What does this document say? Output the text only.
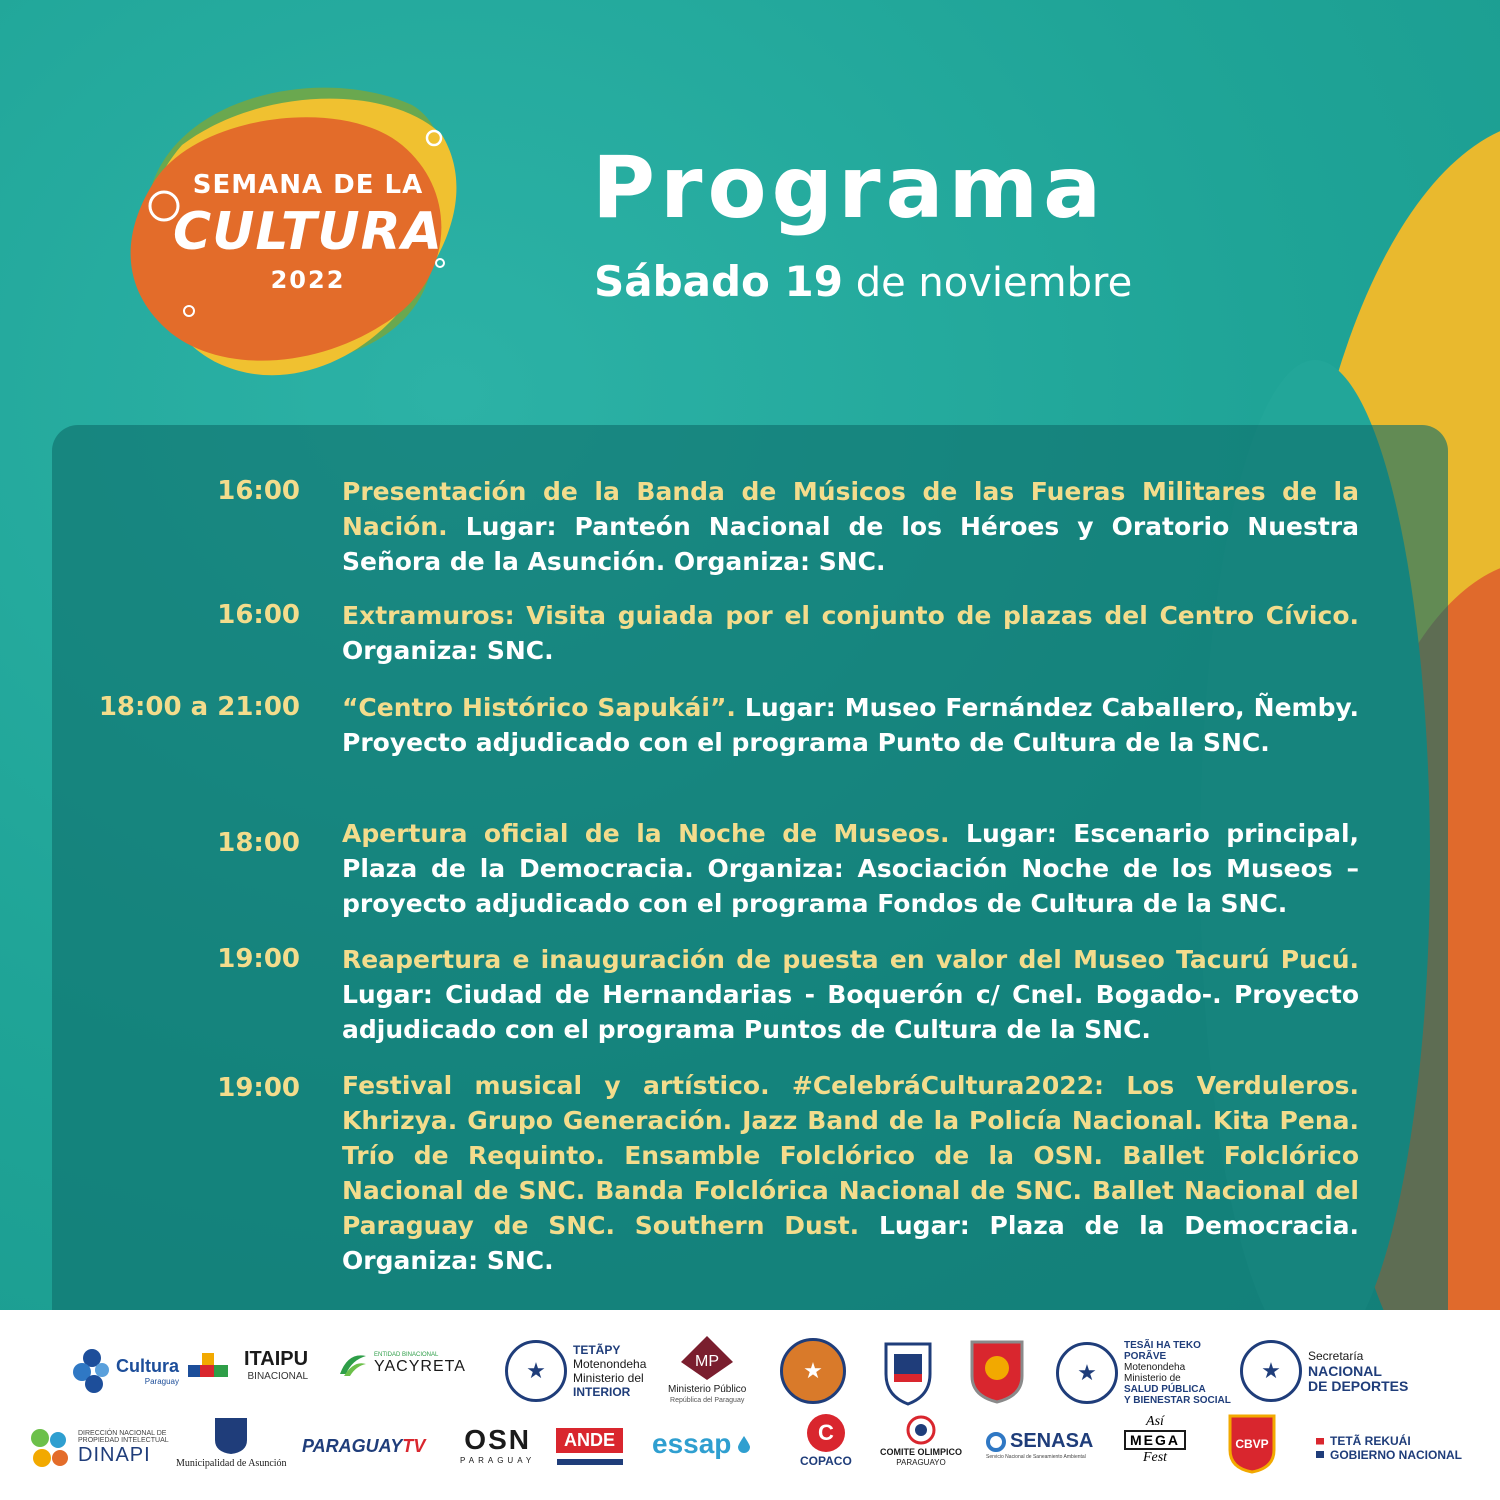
SEMANA DE LA
CULTURA
2022
Programa
Sábado 19 de noviembre
16:00 Presentación de la Banda de Músicos de las Fueras Militares de la Nación. Lugar: Panteón Nacional de los Héroes y Oratorio Nuestra Señora de la Asunción. Organiza: SNC.
16:00 Extramuros: Visita guiada por el conjunto de plazas del Centro Cívico. Organiza: SNC.
18:00 a 21:00 “Centro Histórico Sapukái”. Lugar: Museo Fernández Caballero, Ñemby. Proyecto adjudicado con el programa Punto de Cultura de la SNC.
18:00 Apertura oficial de la Noche de Museos. Lugar: Escenario principal, Plaza de la Democracia. Organiza: Asociación Noche de los Museos – proyecto adjudicado con el programa Fondos de Cultura de la SNC.
19:00 Reapertura e inauguración de puesta en valor del Museo Tacurú Pucú. Lugar: Ciudad de Hernandarias - Boquerón c/ Cnel. Bogado-. Proyecto adjudicado con el programa Puntos de Cultura de la SNC.
19:00 Festival musical y artístico. #CelebráCultura2022: Los Verduleros. Khrizya. Grupo Generación. Jazz Band de la Policía Nacional. Kita Pena. Trío de Requinto. Ensamble Folclórico de la OSN. Ballet Folclórico Nacional de SNC. Banda Folclórica Nacional de SNC. Ballet Nacional del Paraguay de SNC. Southern Dust. Lugar: Plaza de la Democracia. Organiza: SNC.
Cultura
Paraguay
ITAIPU
BINACIONAL
ENTIDAD BINACIONAL
YACYRETA	★
TETÃPY
Motenondeha
Ministerio del
INTERIOR
MP
Ministerio Público
República del Paraguay
★	★
TESÃI HA TEKO
PORÃVE
Motenondeha
Ministerio de
SALUD PÚBLICA
Y BIENESTAR SOCIAL
★
Secretaría
NACIONAL
DE DEPORTES
DIRECCIÓN NACIONAL DE
PROPIEDAD INTELECTUAL
DINAPI	Municipalidad de Asunción
PARAGUAY TV OSN
PARAGUAY
ANDE essap	C
COPACO
COMITE OLIMPICO
PARAGUAYO
SENASA
Servicio Nacional de Saneamiento Ambiental
Así
MEGA
Fest
CBVP	TETÃ REKUÁI
GOBIERNO NACIONAL
